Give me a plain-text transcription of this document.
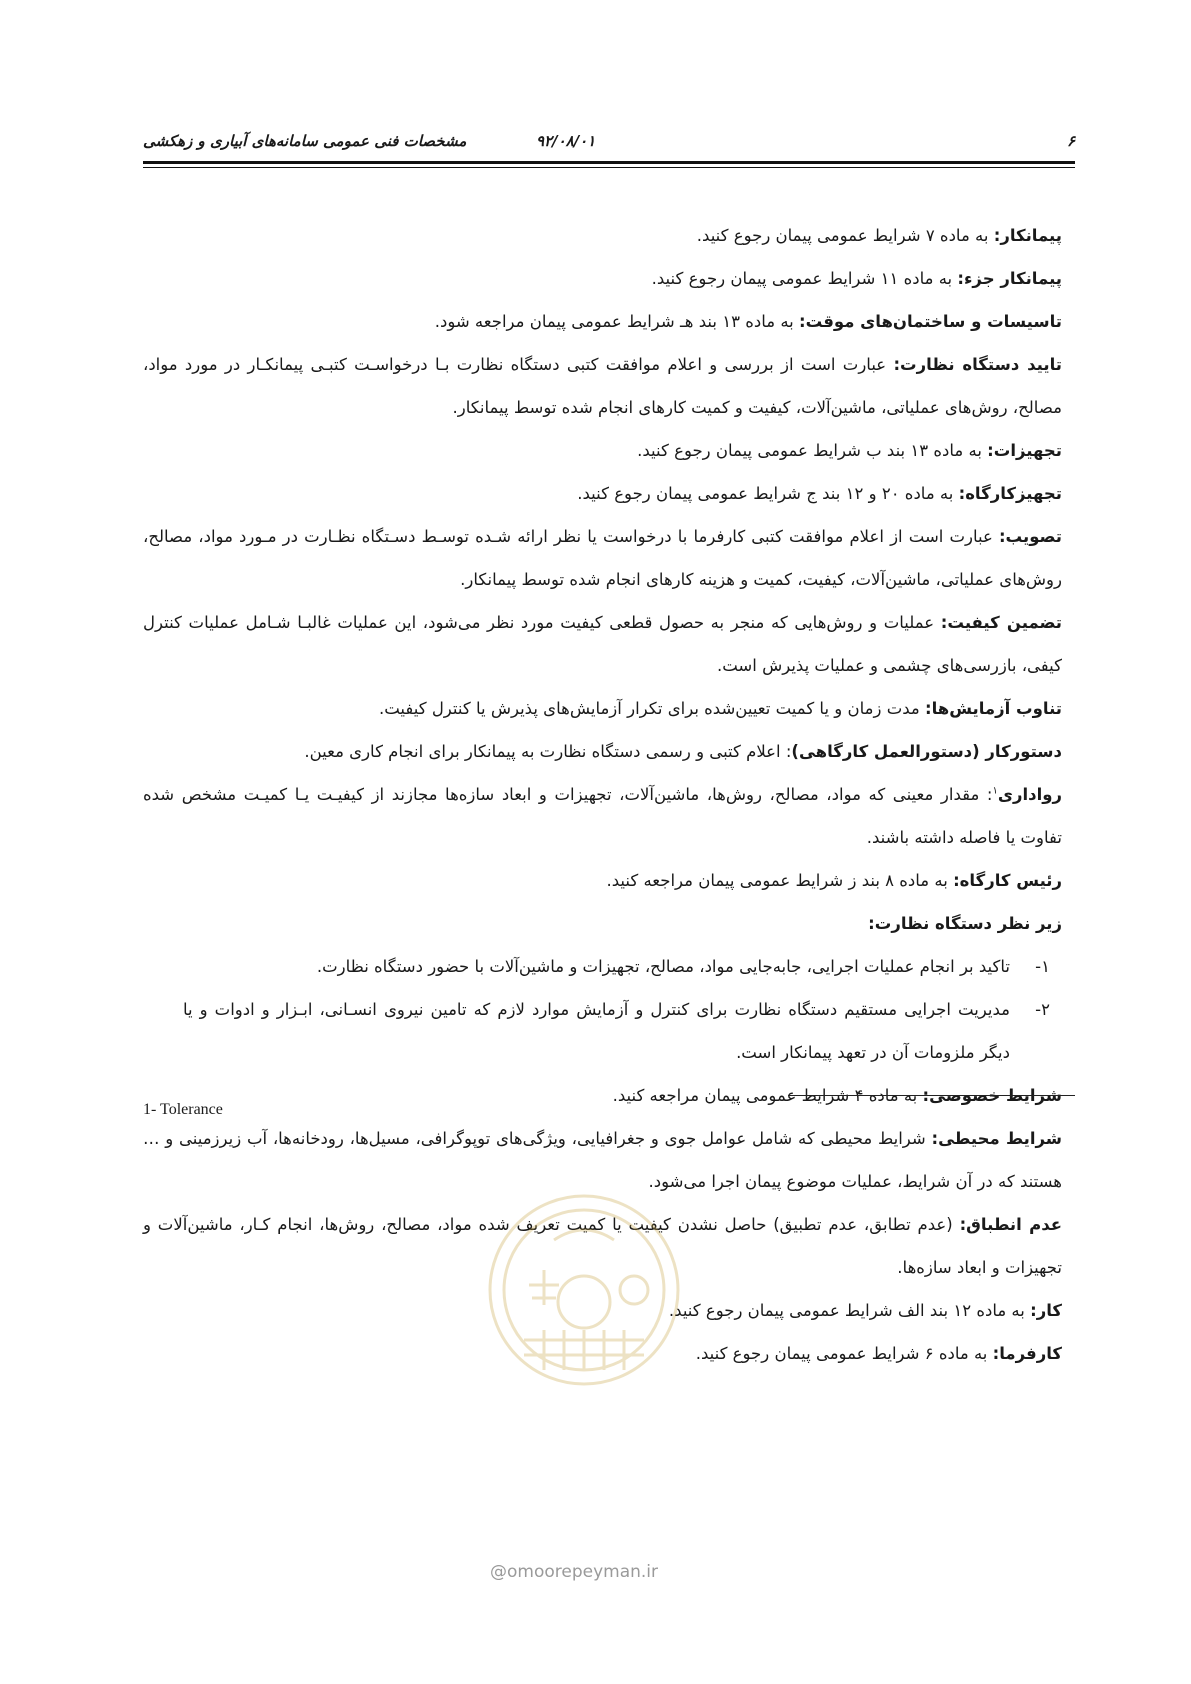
۶
۹۲/۰۸/۰۱
مشخصات فنی عمومی سامانه‌های آبیاری و زهکشی

پیمانکار: به ماده ۷ شرایط عمومی پیمان رجوع کنید.

پیمانکار جزء: به ماده ۱۱ شرایط عمومی پیمان رجوع کنید.

تاسیسات و ساختمان‌های موقت: به ماده ۱۳ بند هـ شرایط عمومی پیمان مراجعه شود.

تایید دستگاه نظارت: عبارت است از بررسی و اعلام موافقت کتبی دستگاه نظارت بـا درخواسـت کتبـی پیمانکـار در مورد مواد، مصالح، روش‌های عملیاتی، ماشین‌آلات، کیفیت و کمیت کارهای انجام شده توسط پیمانکار.

تجهیزات: به ماده ۱۳ بند ب شرایط عمومی پیمان رجوع کنید.

تجهیزکارگاه: به ماده ۲۰ و ۱۲ بند ج شرایط عمومی پیمان رجوع کنید.

تصویب: عبارت است از اعلام موافقت کتبی کارفرما با درخواست یا نظر ارائه شـده توسـط دسـتگاه نظـارت در مـورد مواد، مصالح، روش‌های عملیاتی، ماشین‌آلات، کیفیت، کمیت و هزینه کارهای انجام شده توسط پیمانکار.

تضمین کیفیت: عملیات و روش‌هایی که منجر به حصول قطعی کیفیت مورد نظر می‌شود، این عملیات غالبـا شـامل عملیات کنترل کیفی، بازرسی‌های چشمی و عملیات پذیرش است.

تناوب آزمایش‌ها: مدت زمان و یا کمیت تعیین‌شده برای تکرار آزمایش‌های پذیرش یا کنترل کیفیت.

دستورکار (دستورالعمل کارگاهی): اعلام کتبی و رسمی دستگاه نظارت به پیمانکار برای انجام کاری معین.

رواداری$^۱$: مقدار معینی که مواد، مصالح، روش‌ها، ماشین‌آلات، تجهیزات و ابعاد سازه‌ها مجازند از کیفیـت یـا کمیـت مشخص شده تفاوت یا فاصله داشته باشند.

رئیس کارگاه: به ماده ۸ بند ز شرایط عمومی پیمان مراجعه کنید.

زیر نظر دستگاه نظارت:

۱-
تاکید بر انجام عملیات اجرایی، جابه‌جایی مواد، مصالح، تجهیزات و ماشین‌آلات با حضور دستگاه نظارت.
۲-
مدیریت اجرایی مستقیم دستگاه نظارت برای کنترل و آزمایش موارد لازم که تامین نیروی انسـانی، ابـزار و ادوات و یا دیگر ملزومات آن در تعهد پیمانکار است.

شرایط خصوصی: به ماده ۴ شرایط عمومی پیمان مراجعه کنید.

شرایط محیطی: شرایط محیطی که شامل عوامل جوی و جغرافیایی، ویژگی‌های توپوگرافی، مسیل‌ها، رودخانه‌ها، آب زیرزمینی و … هستند که در آن شرایط، عملیات موضوع پیمان اجرا می‌شود.

عدم انطباق: (عدم تطابق، عدم تطبیق) حاصل نشدن کیفیت یا کمیت تعریف شده مواد، مصالح، روش‌ها، انجام کـار، ماشین‌آلات و تجهیزات و ابعاد سازه‌ها.

کار: به ماده ۱۲ بند الف شرایط عمومی پیمان رجوع کنید.

کارفرما: به ماده ۶ شرایط عمومی پیمان رجوع کنید.

1- Tolerance
@omoorepeyman.ir
